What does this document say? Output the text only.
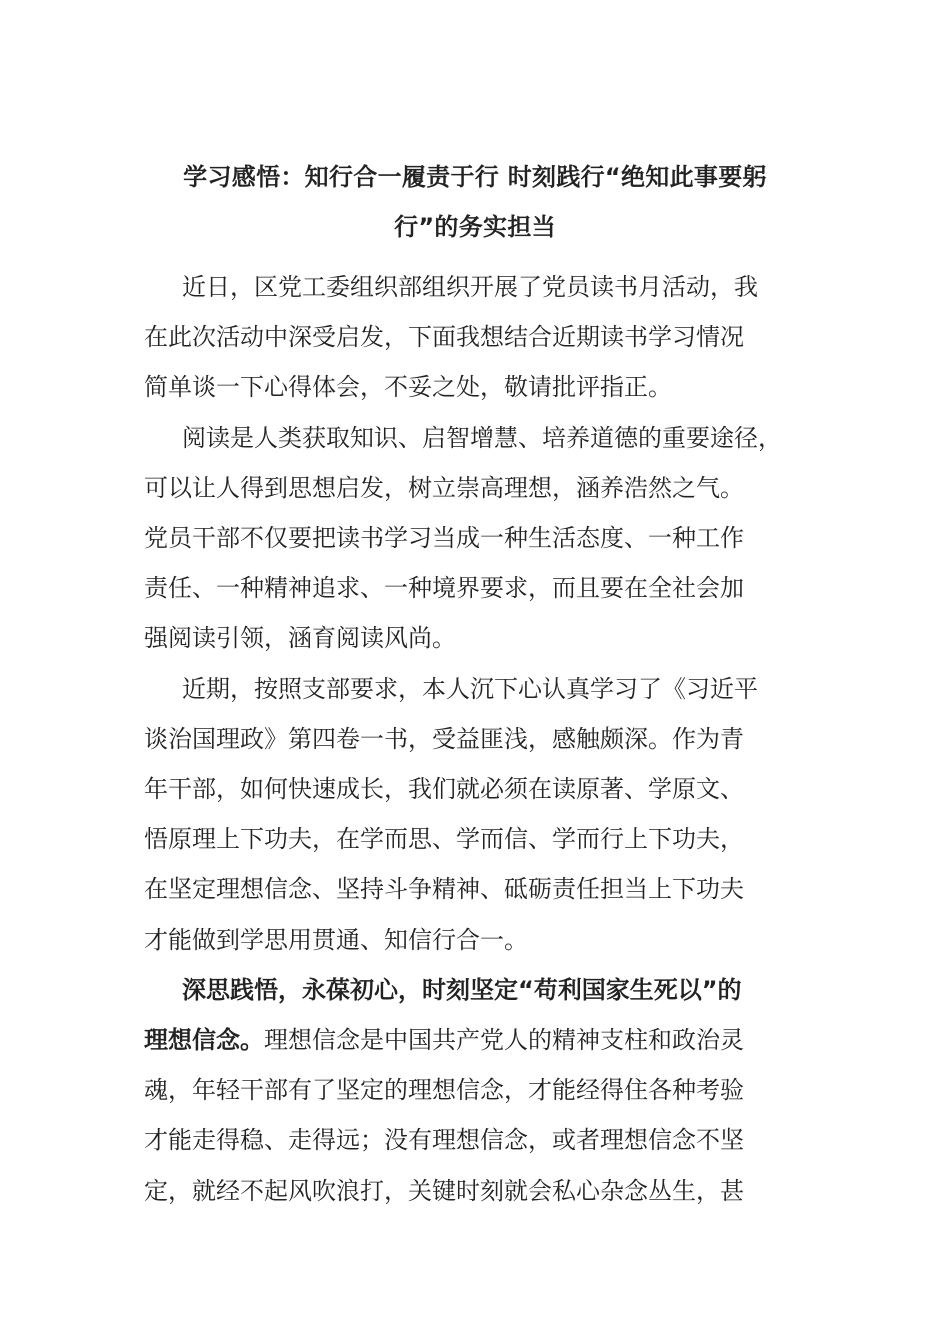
学习感悟：知行合一履责于行 时刻践行“绝知此事要躬
行”的务实担当

近日，区党工委组织部组织开展了党员读书月活动，我
在此次活动中深受启发，下面我想结合近期读书学习情况
简单谈一下心得体会，不妥之处，敬请批评指正。

阅读是人类获取知识、启智增慧、培养道德的重要途径，
可以让人得到思想启发，树立崇高理想，涵养浩然之气。
党员干部不仅要把读书学习当成一种生活态度、一种工作
责任、一种精神追求、一种境界要求，而且要在全社会加
强阅读引领，涵育阅读风尚。

近期，按照支部要求，本人沉下心认真学习了《习近平
谈治国理政》第四卷一书，受益匪浅，感触颇深。作为青
年干部，如何快速成长，我们就必须在读原著、学原文、
悟原理上下功夫，在学而思、学而信、学而行上下功夫，
在坚定理想信念、坚持斗争精神、砥砺责任担当上下功夫
才能做到学思用贯通、知信行合一。

深思践悟，永葆初心，时刻坚定“苟利国家生死以”的
理想信念。理想信念是中国共产党人的精神支柱和政治灵
魂，年轻干部有了坚定的理想信念，才能经得住各种考验
才能走得稳、走得远；没有理想信念，或者理想信念不坚
定，就经不起风吹浪打，关键时刻就会私心杂念丛生，甚
